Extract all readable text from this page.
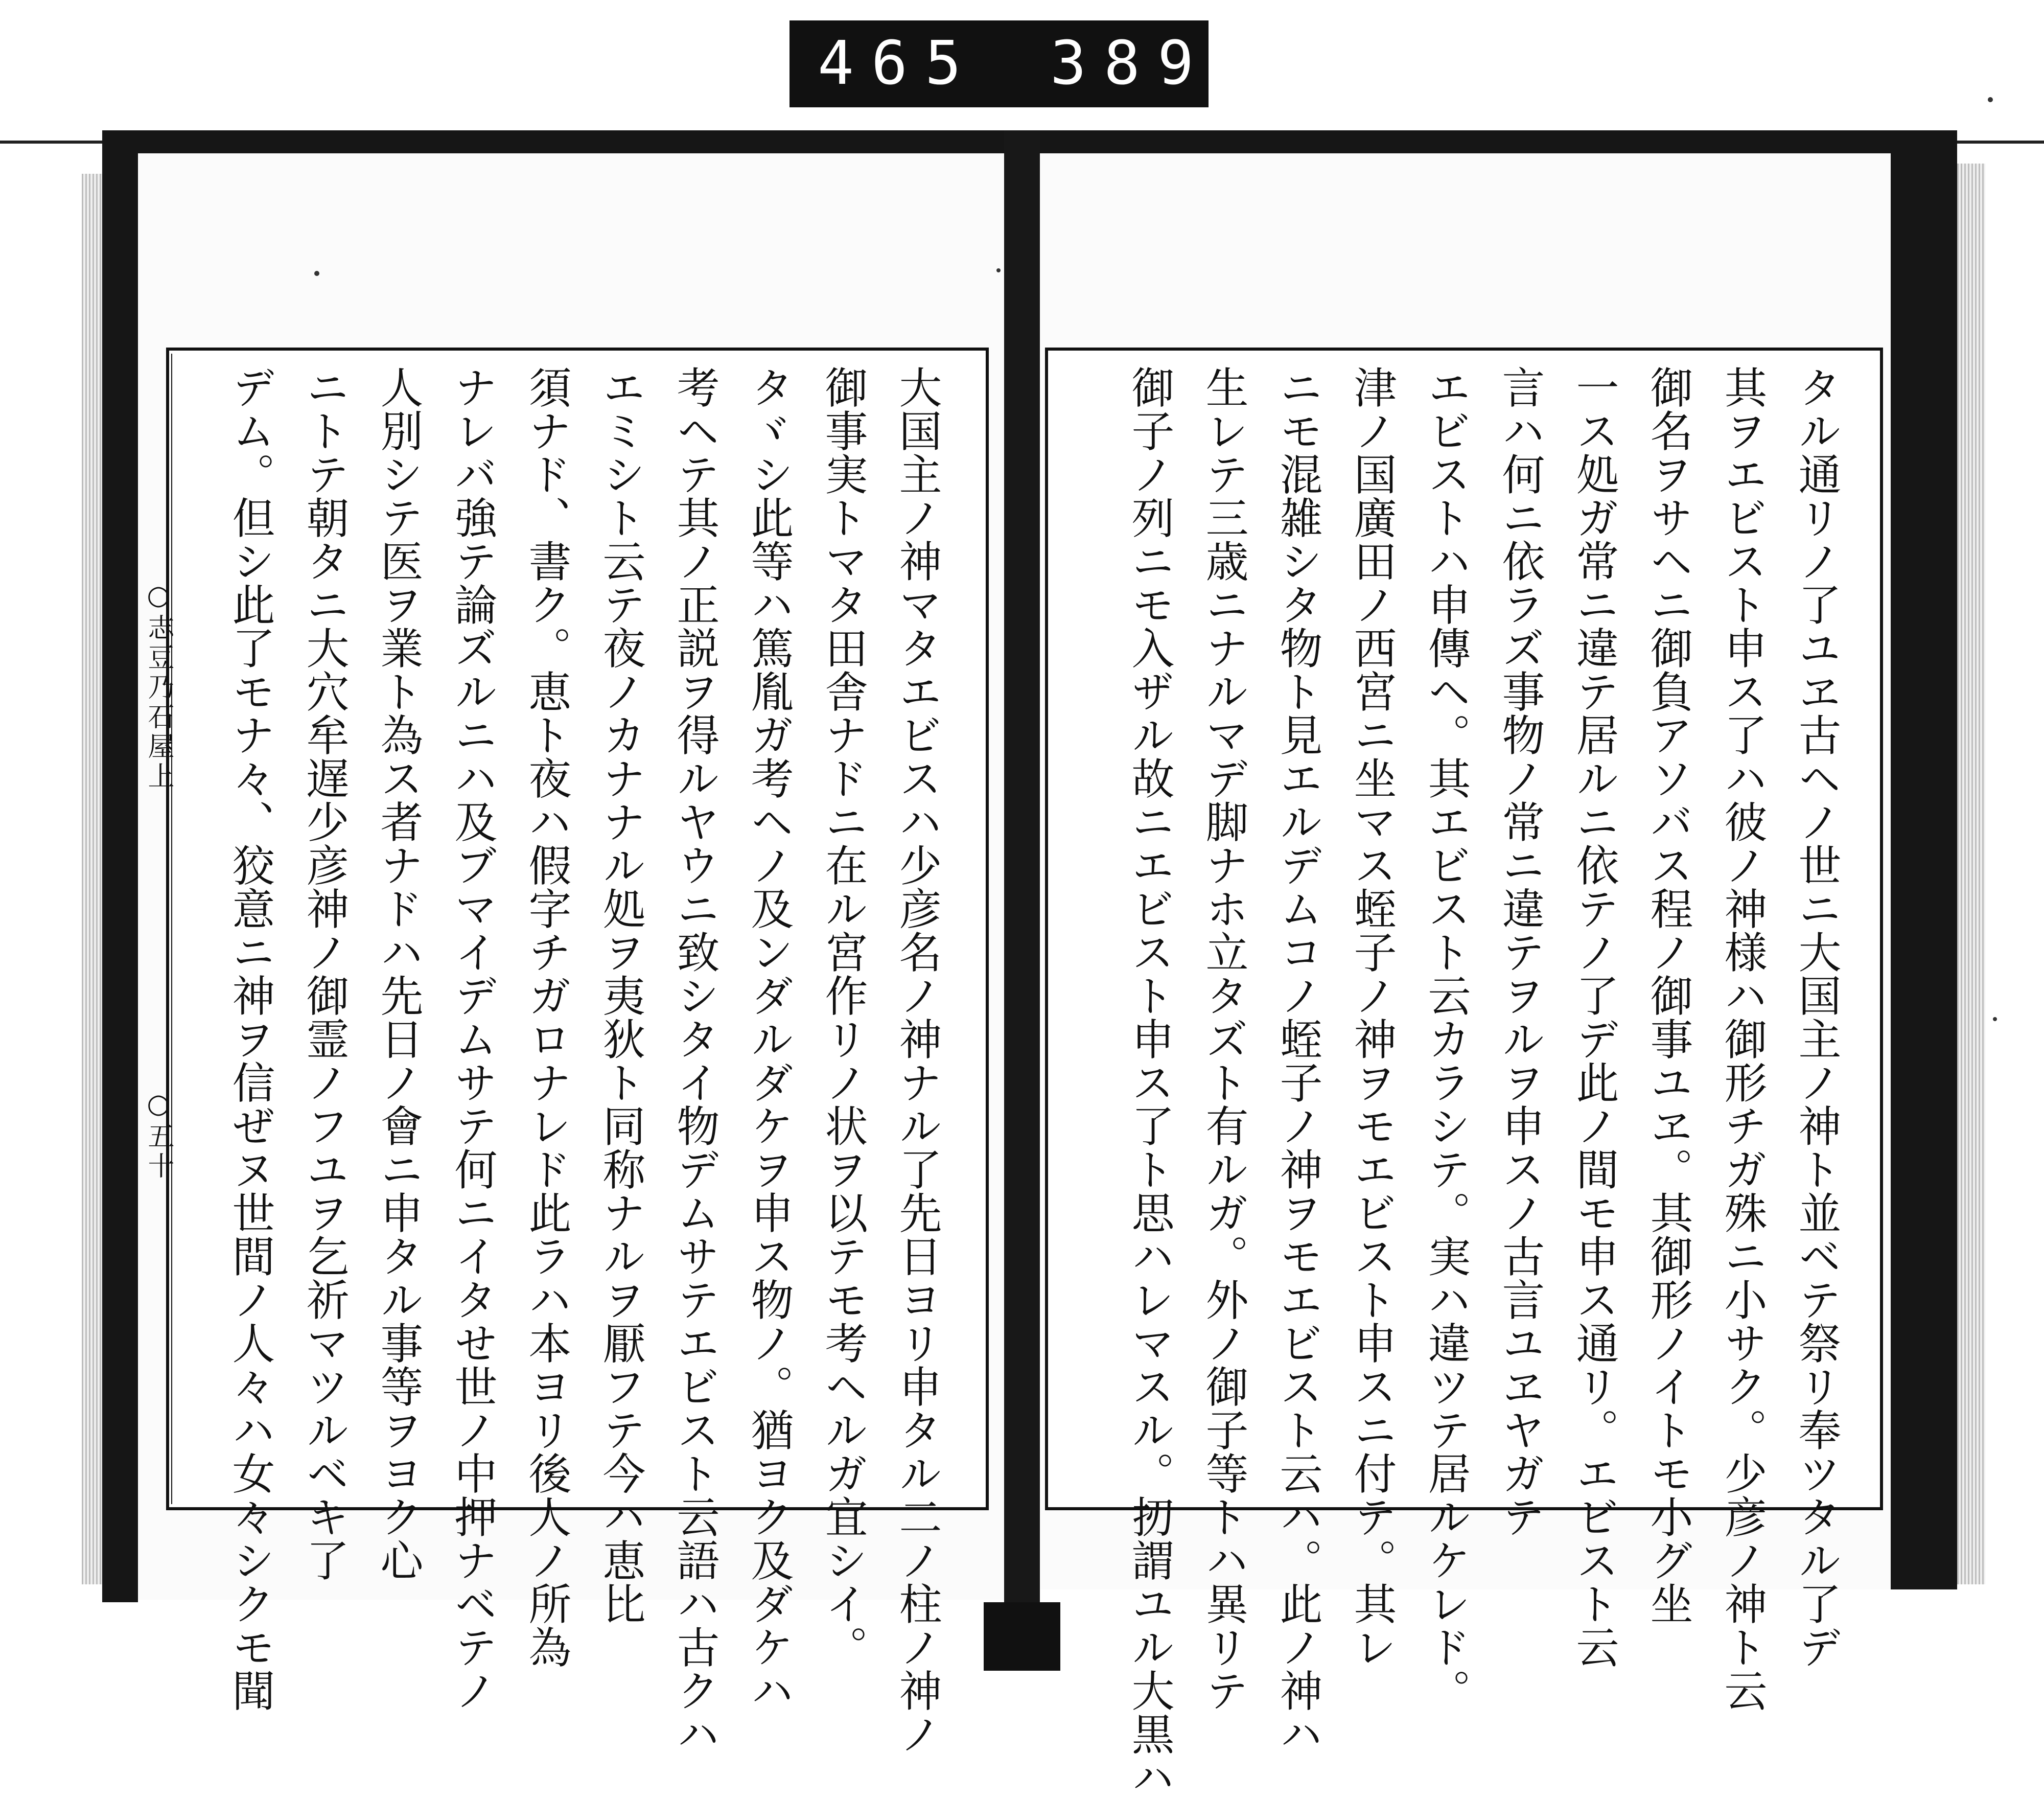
465 389.
○志豆乃石屋上
○五十	大国主ノ神マタエビスハ少彦名ノ神ナル了先日ヨリ申タル二ノ柱ノ神ノ
御事実トマタ田舎ナドニ在ル宮作リノ状ヲ以テモ考ヘルガ宜シイ。
タヾシ此等ハ篤胤ガ考ヘノ及ンダルダケヲ申ス物ノ。猶ヨク及ダケハ
考ヘテ其ノ正説ヲ得ルヤウニ致シタイ物デムサテエビスト云語ハ古クハ
エミシト云テ夜ノカナナル処ヲ夷狄ト同称ナルヲ厭フテ今ハ恵比
須ナド、書ク。恵ト夜ハ假字チガロナレド此ラハ本ヨリ後人ノ所為
ナレバ強テ論ズルニハ及ブマイデムサテ何ニイタせ世ノ中押ナベテノ
人別シテ医ヲ業ト為ス者ナドハ先日ノ會ニ申タル事等ヲヨク心
ニトテ朝タニ大穴牟遅少彦神ノ御霊ノフユヲ乞祈マツルベキ了
デム。但シ此了モナ々、狡意ニ神ヲ信ぜヌ世間ノ人々ハ女々シクモ聞	タル通リノ了ユヱ古ヘノ世ニ大国主ノ神ト並ベテ祭リ奉ツタル了デ
其ヲエビスト申ス了ハ彼ノ神様ハ御形チガ殊ニ小サク。少彦ノ神ト云
御名ヲサヘニ御負アソバス程ノ御事ユヱ。其御形ノイトモ小グ坐
一ス処ガ常ニ違テ居ルニ依テノ了デ此ノ間モ申ス通リ。エビスト云
言ハ何ニ依ラズ事物ノ常ニ違テヲルヲ申スノ古言ユヱヤガテ
エビストハ申傳ヘ。其エビスト云カラシテ。実ハ違ツテ居ルケレド。
津ノ国廣田ノ西宮ニ坐マス蛭子ノ神ヲモエビスト申スニ付テ。其レ
ニモ混雑シタ物ト見エルデムコノ蛭子ノ神ヲモエビスト云ハ。此ノ神ハ
生レテ三歳ニナルマデ脚ナホ立タズト有ルガ。外ノ御子等トハ異リテ
御子ノ列ニモ入ザル故ニエビスト申ス了ト思ハレマスル。扨謂ユル大黒ハ
